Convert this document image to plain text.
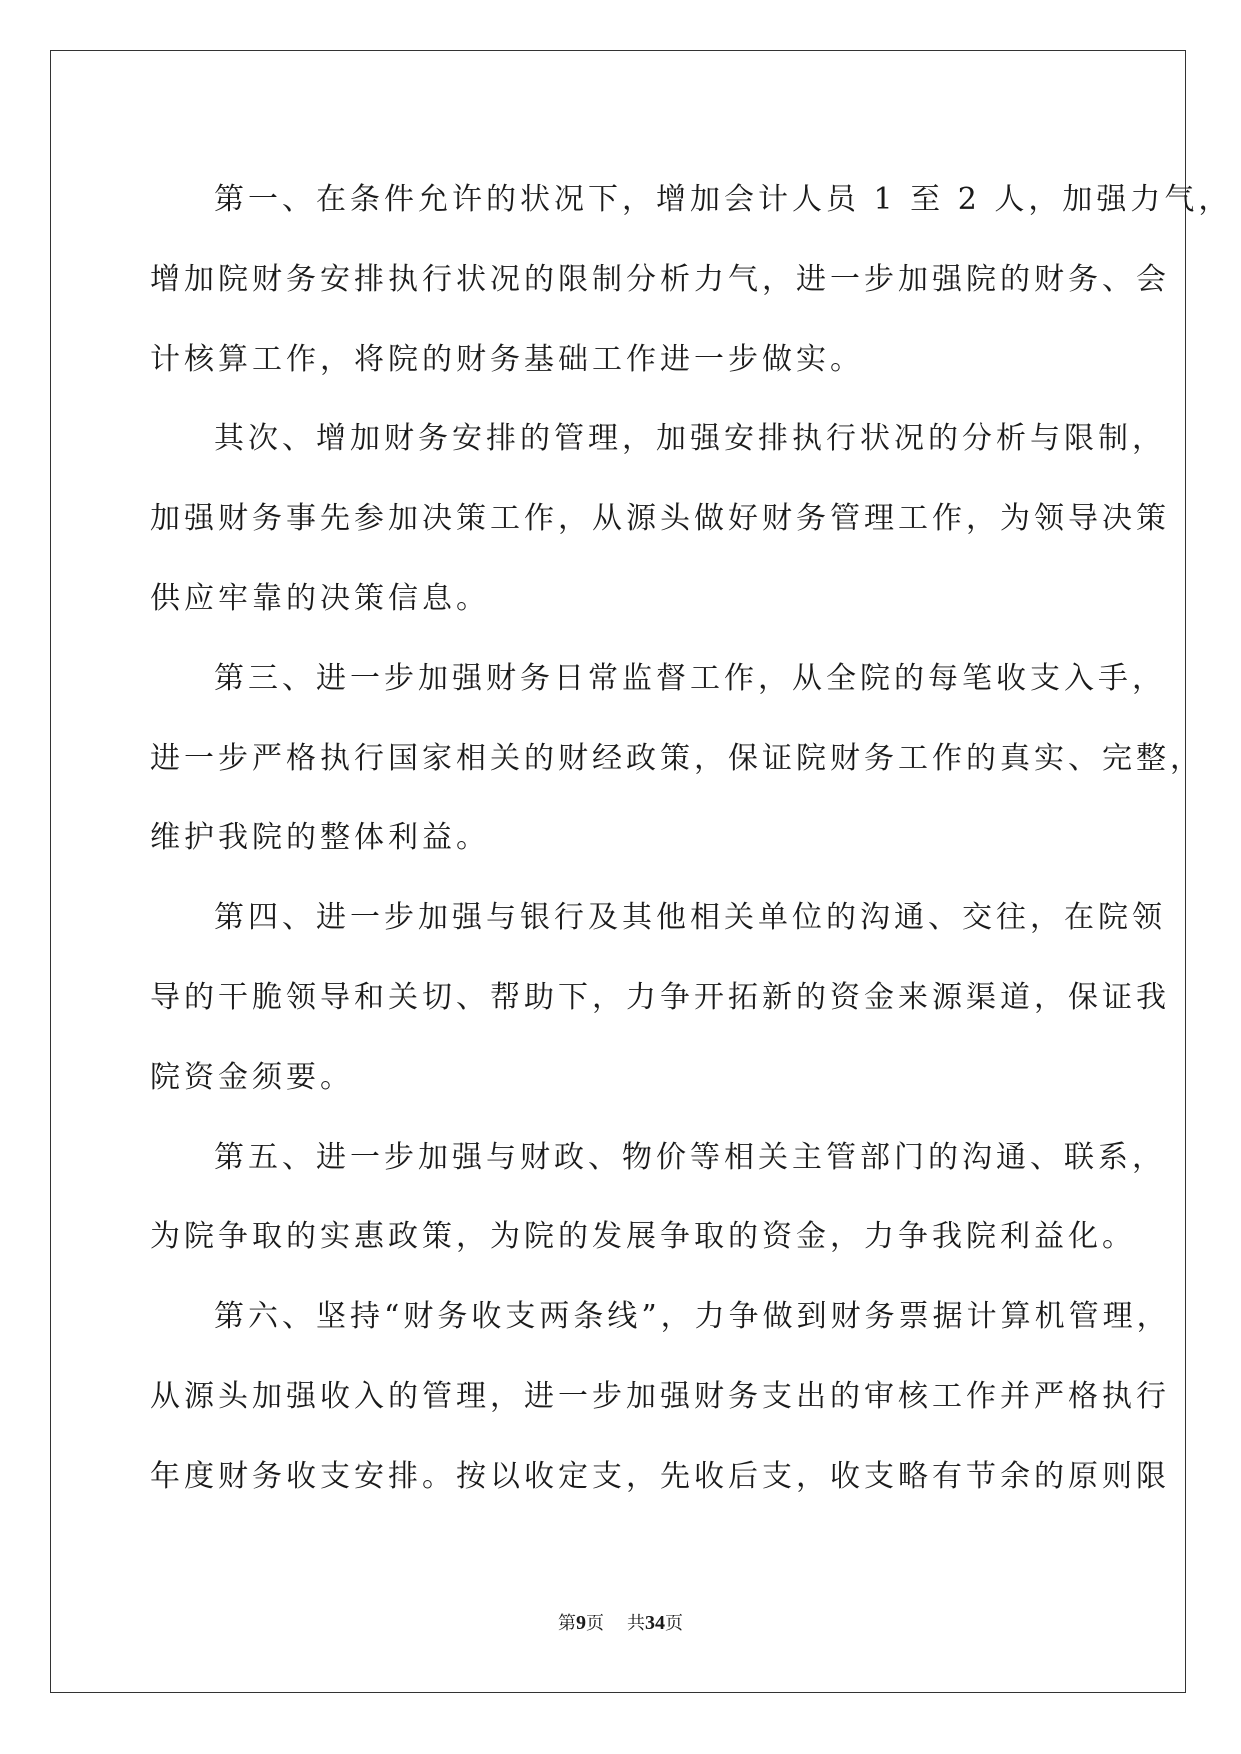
第一、在条件允许的状况下，增加会计人员 1 至 2 人，加强力气，
增加院财务安排执行状况的限制分析力气，进一步加强院的财务、会
计核算工作，将院的财务基础工作进一步做实。
其次、增加财务安排的管理，加强安排执行状况的分析与限制，
加强财务事先参加决策工作，从源头做好财务管理工作，为领导决策
供应牢靠的决策信息。
第三、进一步加强财务日常监督工作，从全院的每笔收支入手，
进一步严格执行国家相关的财经政策，保证院财务工作的真实、完整，
维护我院的整体利益。
第四、进一步加强与银行及其他相关单位的沟通、交往，在院领
导的干脆领导和关切、帮助下，力争开拓新的资金来源渠道，保证我
院资金须要。
第五、进一步加强与财政、物价等相关主管部门的沟通、联系，
为院争取的实惠政策，为院的发展争取的资金，力争我院利益化。
第六、坚持“财务收支两条线”，力争做到财务票据计算机管理，
从源头加强收入的管理，进一步加强财务支出的审核工作并严格执行
年度财务收支安排。按以收定支，先收后支，收支略有节余的原则限
第9页 共34页
